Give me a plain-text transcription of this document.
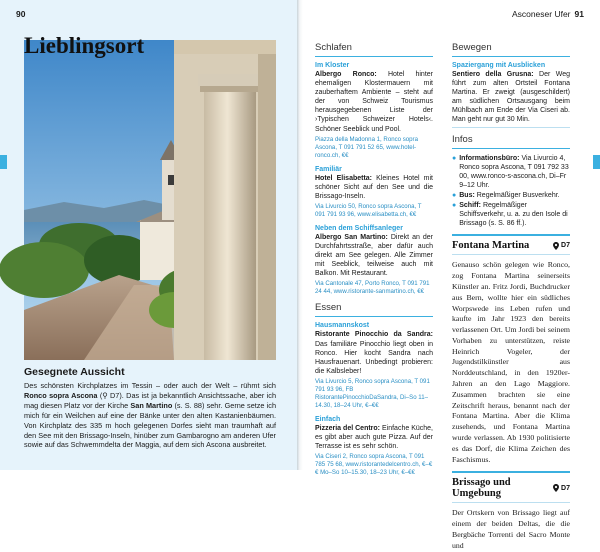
90
Lieblingsort
Gesegnete Aussicht
Des schönsten Kirchplatzes im Tessin – oder auch der Welt – rühmt sich Ronco sopra Ascona (⚲ D7). Das ist ja bekanntlich Ansichtssache, aber ich mag diesen Platz vor der Kirche San Martino (s. S. 88) sehr. Gerne setze ich mich für ein Weilchen auf eine der Bänke unter den alten Kastanienbäumen. Von Kirchplatz des 335 m hoch gelegenen Dorfes sieht man traumhaft auf den See mit den Brissago-Inseln, hinüber zum Gambarogno am anderen Ufer sowie auf das Schwemmdelta der Maggia, auf dem sich Ascona ausbreitet.
Asconeser Ufer 91
Schlafen
Im Kloster
Albergo Ronco: Hotel hinter ehemaligen Klostermauern mit zauberhaftem Ambiente – steht auf der von Schweiz Tourismus herausgegebenen Liste der ›Typischen Schweizer Hotels‹. Schöner Seeblick und Pool.
Piazza della Madonna 1, Ronco sopra Ascona, T 091 791 52 65, www.hotel-ronco.ch, €€
Familiär
Hotel Elisabetta: Kleines Hotel mit schöner Sicht auf den See und die Brissago-Inseln.
Via Livurcio 50, Ronco sopra Ascona, T 091 791 93 96, www.elisabetta.ch, €€
Neben dem Schiffsanleger
Albergo San Martino: Direkt an der Durchfahrtsstraße, aber dafür auch direkt am See gelegen. Alle Zimmer mit Seeblick, teilweise auch mit Balkon. Mit Restaurant.
Via Cantonale 47, Porto Ronco, T 091 791 24 44, www.ristorante-sanmartino.ch, €€
Essen
Hausmannskost
Ristorante Pinocchio da Sandra: Das familiäre Pinocchio liegt oben in Ronco. Hier kocht Sandra nach Hausfrauenart. Unbedingt probieren: die Kalbsleber!
Via Livurcio 5, Ronco sopra Ascona, T 091 791 93 96, FB RistorantePinocchioDaSandra, Di–So 11–14.30, 18–24 Uhr, €–€€
Einfach
Pizzeria del Centro: Einfache Küche, es gibt aber auch gute Pizza. Auf der Terrasse ist es sehr schön.
Via Ciseri 2, Ronco sopra Ascona, T 091 785 75 68, www.ristorantedelcentro.ch, €–€€ Mo–So 10–15.30, 18–23 Uhr, €–€€
Bewegen
Spaziergang mit Ausblicken
Sentiero della Grusna: Der Weg führt zum alten Ortsteil Fontana Martina. Er zweigt (ausgeschildert) am südlichen Ortsausgang beim Mühlbach am Ende der Via Ciseri ab. Man geht nur gut 30 Min.
Infos
● Informationsbüro: Via Livurcio 4, Ronco sopra Ascona, T 091 792 33 00, www.ronco-s-ascona.ch, Di–Fr 9–12 Uhr.
● Bus: Regelmäßiger Busverkehr.
● Schiff: Regelmäßiger Schiffsverkehr, u. a. zu den Isole di Brissago (s. S. 86 ff.).
Fontana Martina	D7
Genauso schön gelegen wie Ronco, zog Fontana Martina seinerseits Künstler an. Fritz Jordi, Buchdrucker aus Bern, wollte hier ein südliches Worpswede ins Leben rufen und kaufte im Jahr 1923 den bereits verlassenen Ort. Um Jordi bei seinem Vorhaben zu unterstützen, reiste Heinrich Vogeler, der Jugendstilkünstler aus Norddeutschland, in den 1920er-Jahren an den Lago Maggiore. Zusammen brachten sie eine Zeitschrift heraus, benannt nach der Fontana Martina. Aber die Klima zusehends, und Fontana Martina wurde verlassen. Ab 1930 politisierte es das Dorf, die Klima Zeichen des Faschismus.
Brissago und
Umgebung	D7
Der Ortskern von Brissago liegt auf einem der beiden Deltas, die die Bergbäche Torrenti del Sacro Monte und
